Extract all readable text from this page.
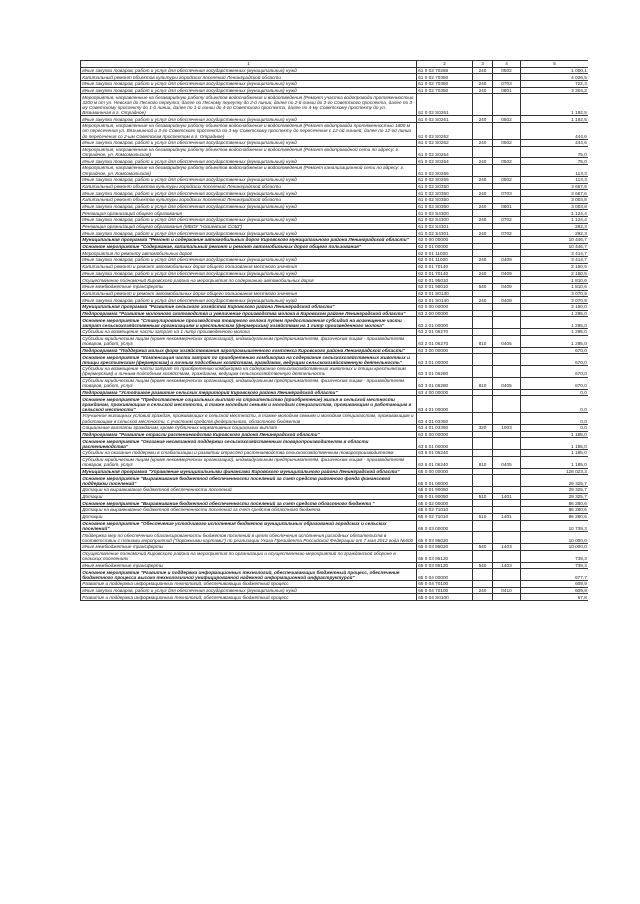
1	2	3	4	5
Иные закупки товаров, работ и услуг для обеспечения государственных (муниципальных) нужд	61 0 02 70265	240	0502	1 000,1
Капитальный ремонт объектов культуры городских поселений Ленинградской области	61 0 02 70350			4 026,5
Иные закупки товаров, работ и услуг для обеспечения государственных (муниципальных) нужд	61 0 02 70350	240	0703	722,3
Иные закупки товаров, работ и услуг для обеспечения государственных (муниципальных) нужд	61 0 02 70350	240	0801	3 304,2
Мероприятия, направленные на безаварийную работу объектов водоснабжения и водоотведения (Ремонт участка водопровода протяженностью 3200 м от ул. Невская до Лесного переулка, далее по Лесному переулку до 2-й линии, далее по 2-й линии до 3-го Советского проспекта, далее по 3-му Советскому проспекту до 1-й линии, далее по 1-й линии до 4-го Советского проспекта, далее по 4-му Советскому проспекту до ул. Вязьминнная в г. Отрадное)	61 0 02 S0261			1 192,5
Иные закупки товаров, работ и услуг для обеспечения государственных (муниципальных) нужд	61 0 02 S0261	240	0502	1 192,5
Мероприятия, направленные на безаварийную работу объектов водоснабжения и водоотведения (Ремонт водопровода протяженностью 1800 м от пересечения ул. Вязьминной и 3-го Советского проспекта по 3-му Советскому проспекту до пересечения с 12-ой линией, далее по 12-ой линии до пересечения со 2-ым Советским проспектом в г. Отрадное)	61 0 02 S0262			444,6
Иные закупки товаров, работ и услуг для обеспечения государственных (муниципальных) нужд	61 0 02 S0262	240	0502	444,6
Мероприятия, направленные на безаварийную работу объектов водоснабжения и водоотведения (Ремонт водопроводной сети по адресу: г. Отрадное, ул. Комсомольская)	61 0 02 S0264			75,0
Иные закупки товаров, работ и услуг для обеспечения государственных (муниципальных) нужд	61 0 02 S0264	240	0502	75,0
Мероприятия, направленные на безаварийную работу объектов водоснабжения и водоотведения (Ремонт канализационной сети по адресу: г. Отрадное, ул. Комсомольская)	61 0 02 S0265			113,3
Иные закупки товаров, работ и услуг для обеспечения государственных (муниципальных) нужд	61 0 02 S0265	240	0502	113,3
Капитальный ремонт объектов культуры городских поселений Ленинградской области	61 0 02 S0350			3 667,6
Иные закупки товаров, работ и услуг для обеспечения государственных (муниципальных) нужд	61 0 02 S0350	240	0703	3 667,6
Капитальный ремонт объектов культуры городских поселений Ленинградской области	61 0 02 S0350			3 003,8
Иные закупки товаров, работ и услуг для обеспечения государственных (муниципальных) нужд	61 0 02 S0350	240	0801	3 003,8
Реновация организаций общего образования	61 0 02 S4300			1 124,4
Иные закупки товаров, работ и услуг для обеспечения государственных (муниципальных) нужд	61 0 02 S4300	240	0702	1 124,4
Реновация организаций общего образования (МБОУ "Назиевская СОШ")	61 0 02 S4301			292,3
Иные закупки товаров, работ и услуг для обеспечения государственных (муниципальных) нужд	61 0 02 S4301	240	0702	292,3
Муниципальная программа "Ремонт и содержание автомобильных дорог Кировского муниципального района Ленинградской области"	62 0 00 00000			10 446,7
Основное мероприятие "Содержание, капитальный ремонт и ремонт автомобильных дорог общего пользования"	62 0 01 00000			10 446,7
Мероприятия по ремонту автомобильных дорог	62 0 01 11020			3 414,7
Иные закупки товаров, работ и услуг для обеспечения государственных (муниципальных) нужд	62 0 01 11020	240	0409	3 414,7
Капитальный ремонт и ремонт автомобильных дорог общего пользования местного значения	62 0 01 70140			2 150,5
Иные закупки товаров, работ и услуг для обеспечения государственных (муниципальных) нужд	62 0 01 70140	240	0409	2 150,5
Осуществление полномочий Кировского района на мероприятия по содержанию автомобильных дорог	62 0 01 95010			1 810,6
Иные межбюджетные трансферты	62 0 01 95010	540	0409	1 810,6
Капитальный ремонт и ремонт автомобильных дорог общего пользования местного значения	62 0 01 S0140			3 070,9
Иные закупки товаров, работ и услуг для обеспечения государственных (муниципальных) нужд	62 0 01 S0140	240	0409	3 070,9
Муниципальная программа "Развитие сельского хозяйства Кировского района Ленинградской области"	63 0 00 00000			3 150,0
Подпрограмма "Развитие молочного скотоводства и увеличение производства молока в Кировском районе Ленинградской области"	63 2 00 00000			1 295,0
Основное мероприятие "Стимулирование производства товарного молока путем предоставления субсидий на возмещение части затрат сельскохозяйственным организациям и крестьянским (фермерским) хозяйствам на 1 литр произведенного молока"	63 2 01 00000			1 295,0
Субсидии на возмещение части затрат на 1 литр произведенного молока	63 2 01 06270			1 295,0
Субсидии юридическим лицам (кроме некоммерческих организаций), индивидуальным предпринимателям, физическим лицам - производителям товаров, работ, услуг	63 2 01 06270	810	0405	1 295,0
Подпрограмма "Поддержка малых форм хозяйствования агропромышленного комплекса Кировского района Ленинградской области"	63 3 00 00000			670,0
Основное мероприятие "Компенсация части затрат по приобретению комбикорма на содержание сельскохозяйственных животных и птицы крестьянским (фермерским) и личным подсобным хозяйствам, гражданам, ведущим сельскохозяйственную деятельность"	63 3 01 00000			670,0
Субсидии на возмещение части затрат по приобретению комбикорма на содержание сельскохозяйственных животных и птицы крестьянским (фермерским) и личным подсобным хозяйствам, гражданам, ведущим сельскохозяйственную деятельность	63 3 01 06280			670,0
Субсидии юридическим лицам (кроме некоммерческих организаций), индивидуальным предпринимателям, физическим лицам - производителям товаров, работ, услуг	63 3 01 06280	810	0405	670,0
Подпрограмма "Устойчивое развитие сельских территорий Кировского района Ленинградской области"	63 4 00 00000			0,0
Основное мероприятие "Предоставление социальных выплат на строительство (приобретение) жилья в сельской местности гражданам, проживающим в сельской местности, в также молодым семьям и молодым специалистам, проживающим и работающим в сельской местности"	63 4 01 00000			0,0
Улучшение жилищных условий граждан, проживающих в сельской местности, в также молодым семьям и молодым специалистам, проживающим и работающим в сельской местности, с участием средств федерального, областного бюджетов	63 4 01 03350			0,0
Социальные выплаты гражданам, кроме публичных нормативных социальных выплат	63 4 01 03350	320	1003	0,0
Подпрограмма "Развитие отрасли растениеводства Кировского района Ленинградской области"	63 5 00 00000			1 185,0
Основное мероприятие "Оказание несвязанной поддержки сельскохозяйственным товаропроизводителям в области растениеводства"	63 5 01 00000			1 185,0
Субсидии на оказание поддержки в стабилизации и развитии отраслей растениеводства сельскохозяйственным товаропроизводителям	63 5 01 06240			1 185,0
Субсидии юридическим лицам (кроме некоммерческих организаций), индивидуальным предпринимателям, физическим лицам - производителям товаров, работ, услуг	63 5 01 06240	810	0405	1 185,0
Муниципальная программа "Управление муниципальными финансами Кировского муниципального района Ленинградской области"	65 0 00 00000			128 023,3
Основное мероприятие "Выравнивание бюджетной обеспеченности поселений за счет средств районного фонда финансовой поддержки поселений"	65 0 01 00000			29 325,7
Дотации на выравнивание бюджетной обеспеченности поселений	65 0 01 90050			29 325,7
Дотации	65 0 01 90050	510	1401	29 325,7
Основное мероприятие "Выравнивание бюджетной обеспеченности поселений за счет средств областного бюджета "	65 0 02 00000			86 280,6
Дотации на выравнивание бюджетной обеспеченности поселений за счет средств областного бюджета	65 0 02 71010			86 280,6
Дотации	65 0 02 71010	510	1401	86 280,6
Основное мероприятие "Обеспечение устойчивого исполнения бюджетов муниципальных образований городских и сельских поселений"	65 0 03 00000			10 739,3
Поддержка мер по обеспечению сбалансированности бюджетов поселений в целях обеспечения исполнения расходных обязательств в соответствии с планами мероприятий ("дорожными картами") по реализации Указа Президента Российской Федерации от 7 мая 2012 года №600	65 0 03 95020			10 000,0
Иные межбюджетные трансферты	65 0 03 95020	540	1403	10 000,0
Осуществление полномочий Кировского района на мероприятия по организации и осуществлению мероприятий по гражданской обороне в сельских поселениях	65 0 03 95120			739,3
Иные межбюджетные трансферты	65 0 03 95120	540	1403	739,3
Основное мероприятие "Развитие и поддержка информационных технологий, обеспечивающих бюджетный процесс, обеспечение бюджетного процесса высоко технологичной унифицированной надежной информационной инфраструктурой"	65 0 04 00000			677,7
Развитие и поддержка информационных технологий, обеспечивающих бюджетный процесс	65 0 04 70100			609,9
Иные закупки товаров, работ и услуг для обеспечения государственных (муниципальных) нужд	65 0 04 70100	240	0410	609,9
Развитие и поддержка информационных технологий, обеспечивающих бюджетный процесс	65 0 04 S0100			67,8
